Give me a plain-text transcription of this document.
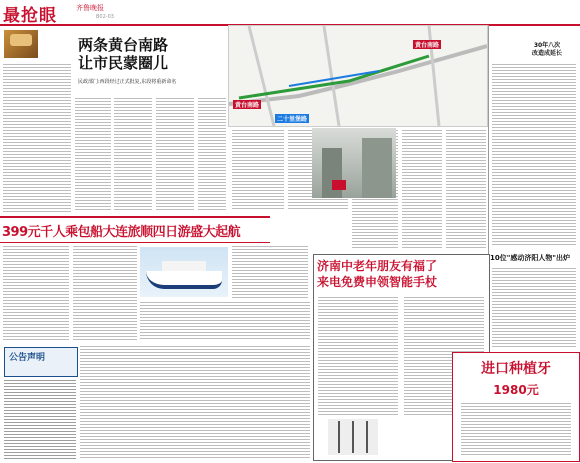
最抢眼	齐鲁晚报
B02-03
两条黄台南路
让市民蒙圈儿
民政部门:西段经过正式批复,东段将重新命名
黄台南路
黄台南路
二十里堡路
30年八次
改造成延长
399元千人乘包船大连旅顺四日游盛大起航
公告声明
济南中老年朋友有福了
来电免费申领智能手杖
10位"感动济阳人物"出炉
进口种植牙
1980元
